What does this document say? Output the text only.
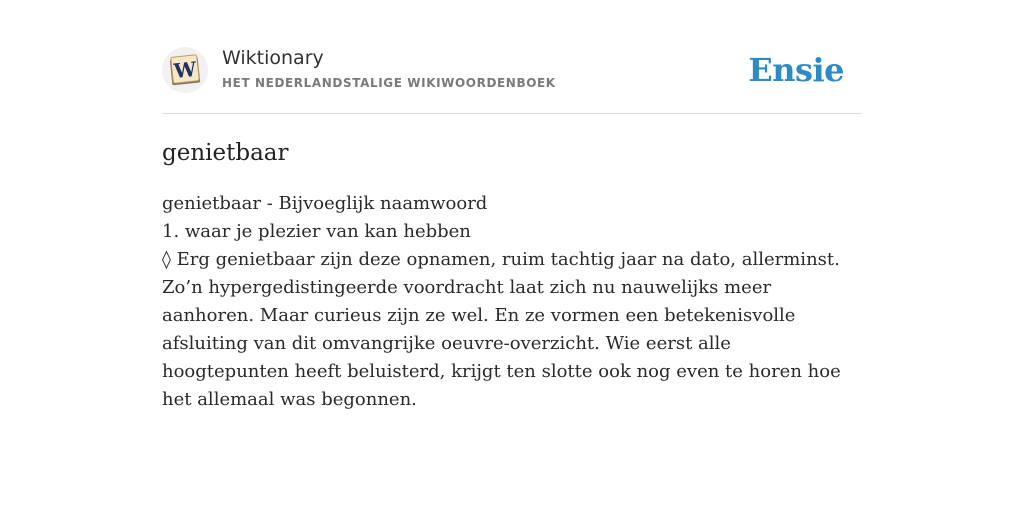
W Wiktionary
HET NEDERLANDSTALIGE WIKIWOORDENBOEK	Ensie
genietbaar
genietbaar - Bijvoeglijk naamwoord
1. waar je plezier van kan hebben
◊ Erg genietbaar zijn deze opnamen, ruim tachtig jaar na dato, allerminst. Zo’n hypergedistingeerde voordracht laat zich nu nauwelijks meer aanhoren. Maar curieus zijn ze wel. En ze vormen een betekenisvolle afsluiting van dit omvangrijke oeuvre-overzicht. Wie eerst alle hoogtepunten heeft beluisterd, krijgt ten slotte ook nog even te horen hoe het allemaal was begonnen.
